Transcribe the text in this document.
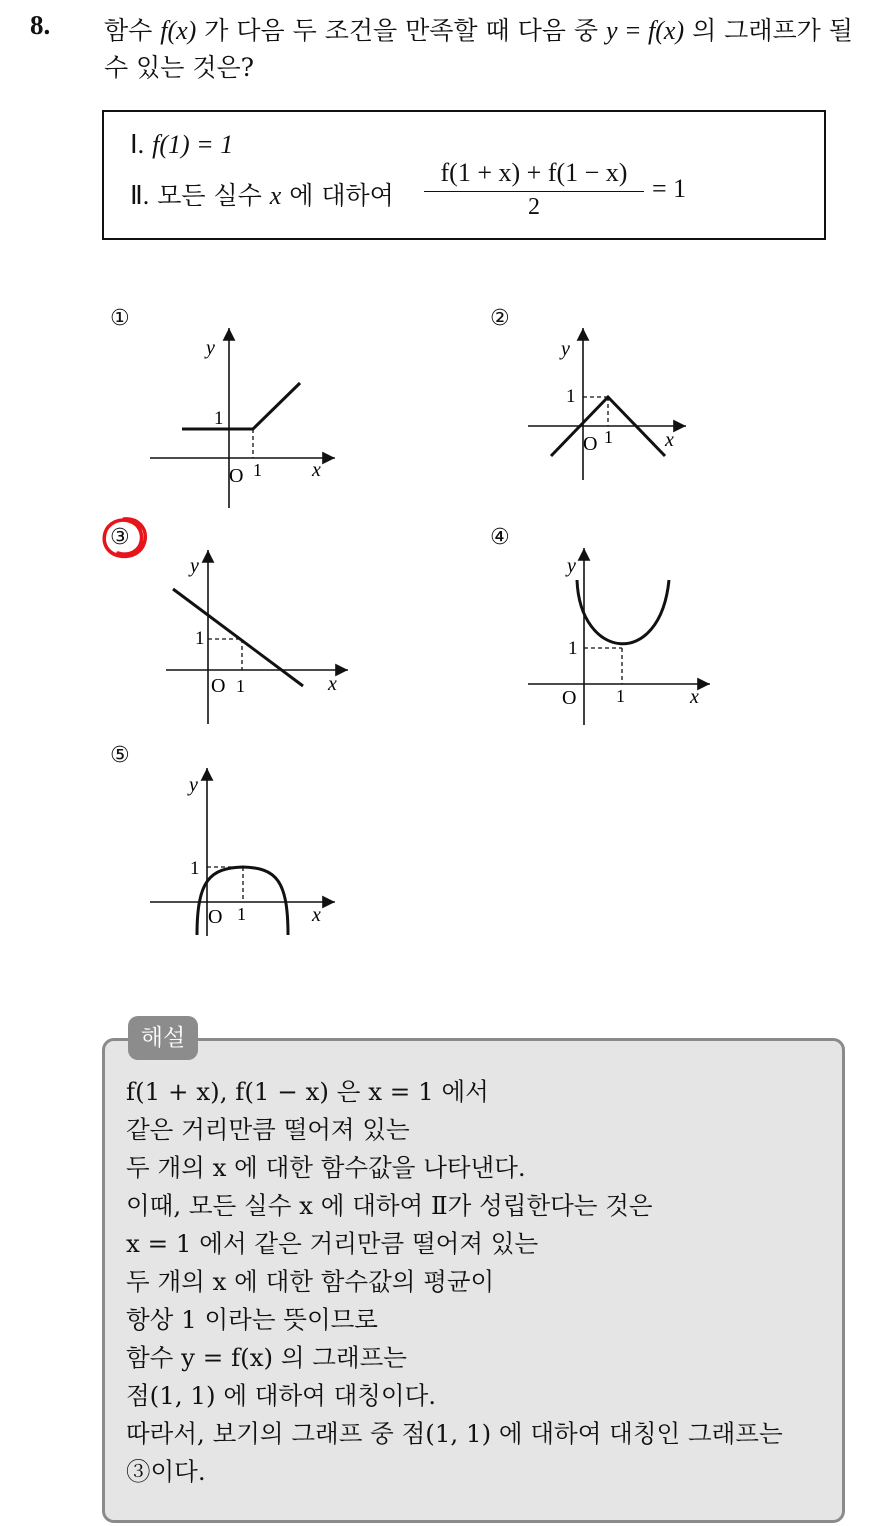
8. 함수 f(x) 가 다음 두 조건을 만족할 때 다음 중 y = f(x) 의 그래프가 될 수 있는 것은?
Ⅰ. f(1) = 1
Ⅱ. 모든 실수 x 에 대하여
f(1 + x) + f(1 − x)
2
= 1
①
y
x
O 1
1
②
y
x
O 1
1
③
y
x
O 1
1
④
y
x
O 1
1
⑤
y
x
O 1
1
해설
f(1 + x), f(1 − x) 은 x = 1 에서
같은 거리만큼 떨어져 있는
두 개의 x 에 대한 함수값을 나타낸다.
이때, 모든 실수 x 에 대하여 Ⅱ가 성립한다는 것은
x = 1 에서 같은 거리만큼 떨어져 있는
두 개의 x 에 대한 함수값의 평균이
항상 1 이라는 뜻이므로
함수 y = f(x) 의 그래프는
점(1, 1) 에 대하여 대칭이다.
따라서, 보기의 그래프 중 점(1, 1) 에 대하여 대칭인 그래프는
③이다.
